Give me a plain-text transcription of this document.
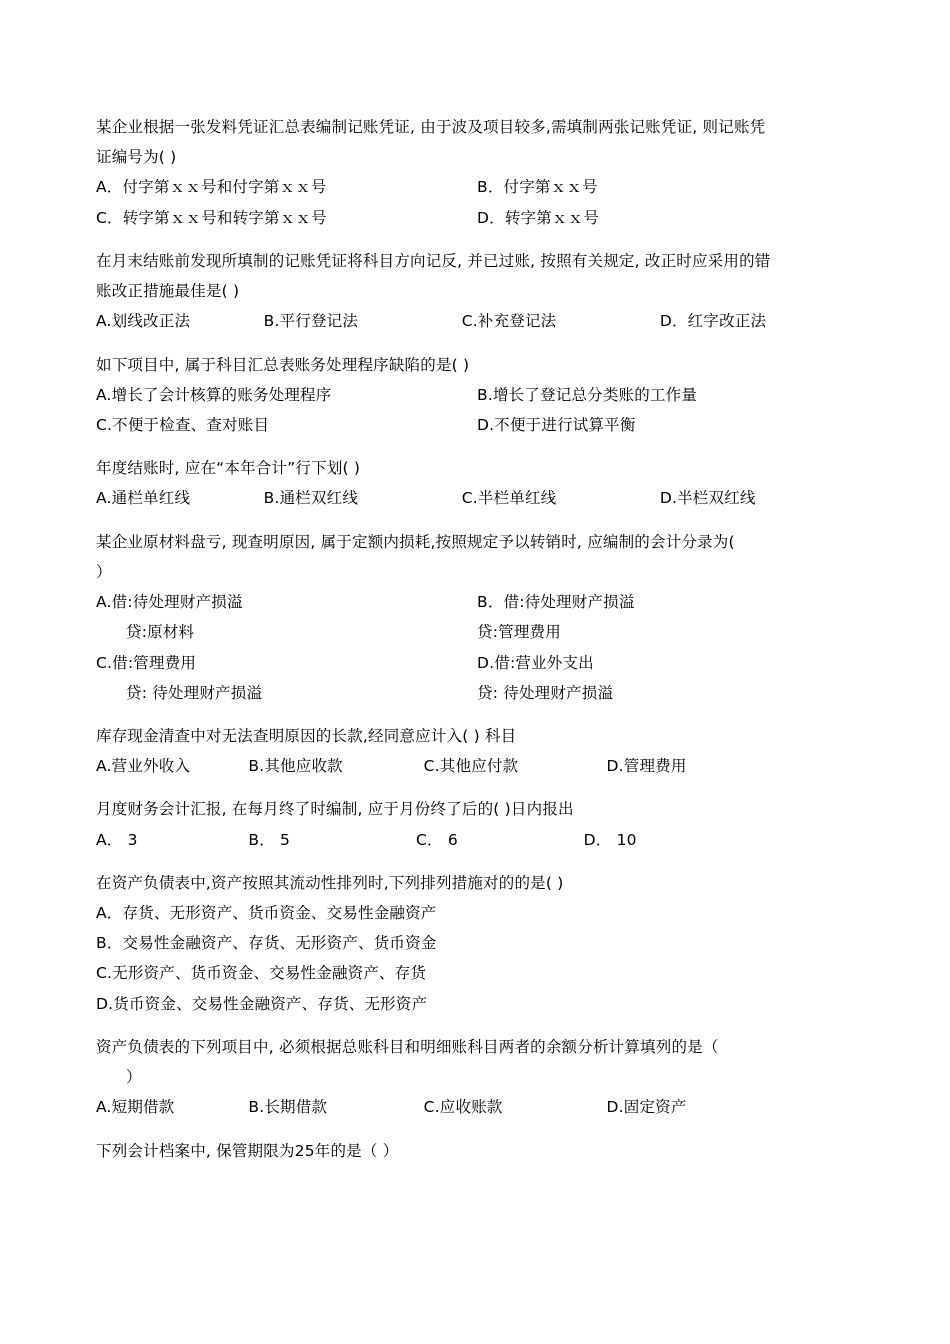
某企业根据一张发料凭证汇总表编制记账凭证, 由于波及项目较多,需填制两张记账凭证, 则记账凭
证编号为( )
A．付字第ｘｘ号和付字第ｘｘ号	B．付字第ｘｘ号
C．转字第ｘｘ号和转字第ｘｘ号	D．转字第ｘｘ号
在月末结账前发现所填制的记账凭证将科目方向记反, 并已过账, 按照有关规定, 改正时应采用的错
账改正措施最佳是( )
A.划线改正法	B.平行登记法	C.补充登记法	D．红字改正法
如下项目中, 属于科目汇总表账务处理程序缺陷的是( )
A.增长了会计核算的账务处理程序	B.增长了登记总分类账的工作量
C.不便于检查、查对账目	D.不便于进行试算平衡
年度结账时, 应在“本年合计”行下划( )
A.通栏单红线	B.通栏双红线	C.半栏单红线	D.半栏双红线
某企业原材料盘亏, 现查明原因, 属于定额内损耗,按照规定予以转销时, 应编制的会计分录为(
）
A.借:待处理财产损溢	B．借:待处理财产损溢
贷:原材料	贷:管理费用
C.借:管理费用	D.借:营业外支出
贷: 待处理财产损溢	贷: 待处理财产损溢
库存现金清查中对无法查明原因的长款,经同意应计入( ) 科目
A.营业外收入	B.其他应收款	C.其他应付款	D.管理费用
月度财务会计汇报, 在每月终了时编制, 应于月份终了后的( )日内报出
A． 3	B． 5	C． 6	D． 10
在资产负债表中,资产按照其流动性排列时,下列排列措施对的的是( )
A．存货、无形资产、货币资金、交易性金融资产
B．交易性金融资产、存货、无形资产、货币资金
C.无形资产、货币资金、交易性金融资产、存货
D.货币资金、交易性金融资产、存货、无形资产
资产负债表的下列项目中, 必须根据总账科目和明细账科目两者的余额分析计算填列的是（
）
A.短期借款	B.长期借款	C.应收账款	D.固定资产
下列会计档案中, 保管期限为25年的是（ ）
